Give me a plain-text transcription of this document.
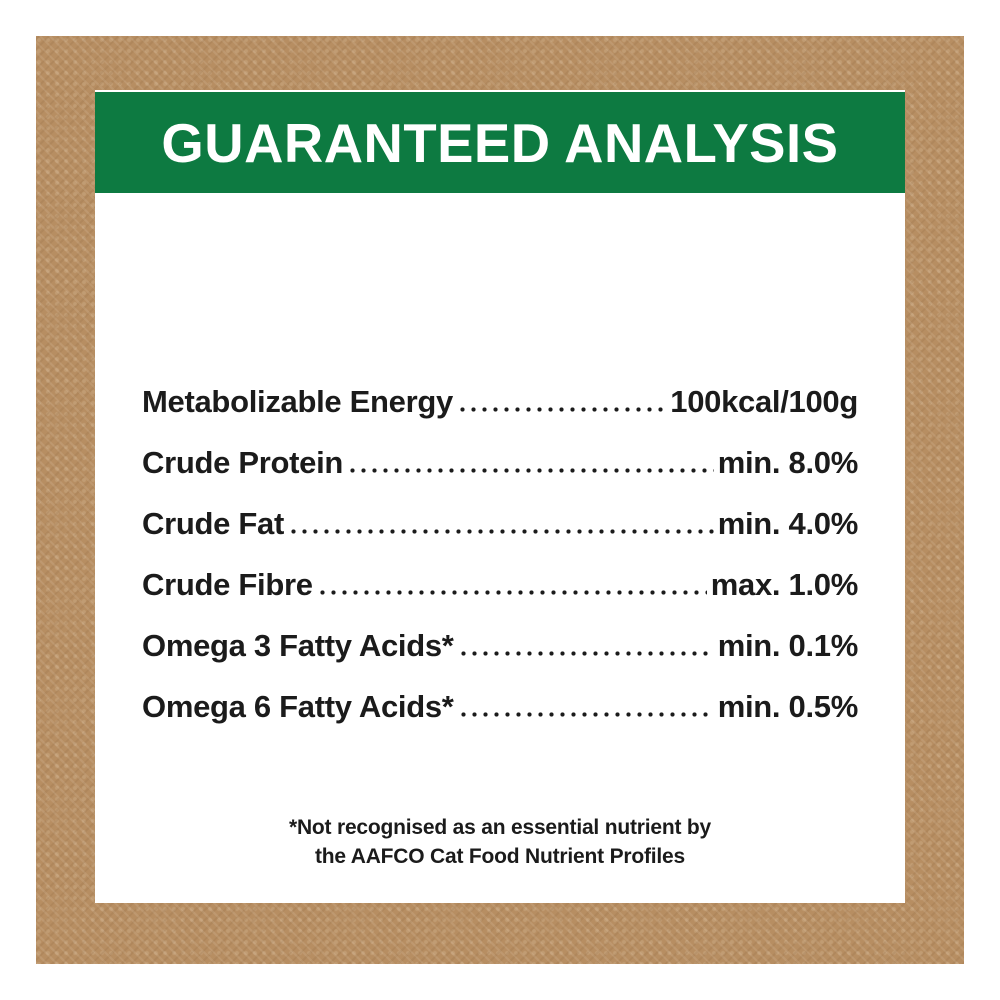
GUARANTEED ANALYSIS
Metabolizable Energy	100kcal/100g
Crude Protein	min. 8.0%
Crude Fat	min. 4.0%
Crude Fibre	max. 1.0%
Omega 3 Fatty Acids*	min. 0.1%
Omega 6 Fatty Acids*	min. 0.5%
*Not recognised as an essential nutrient by
the AAFCO Cat Food Nutrient Profiles
